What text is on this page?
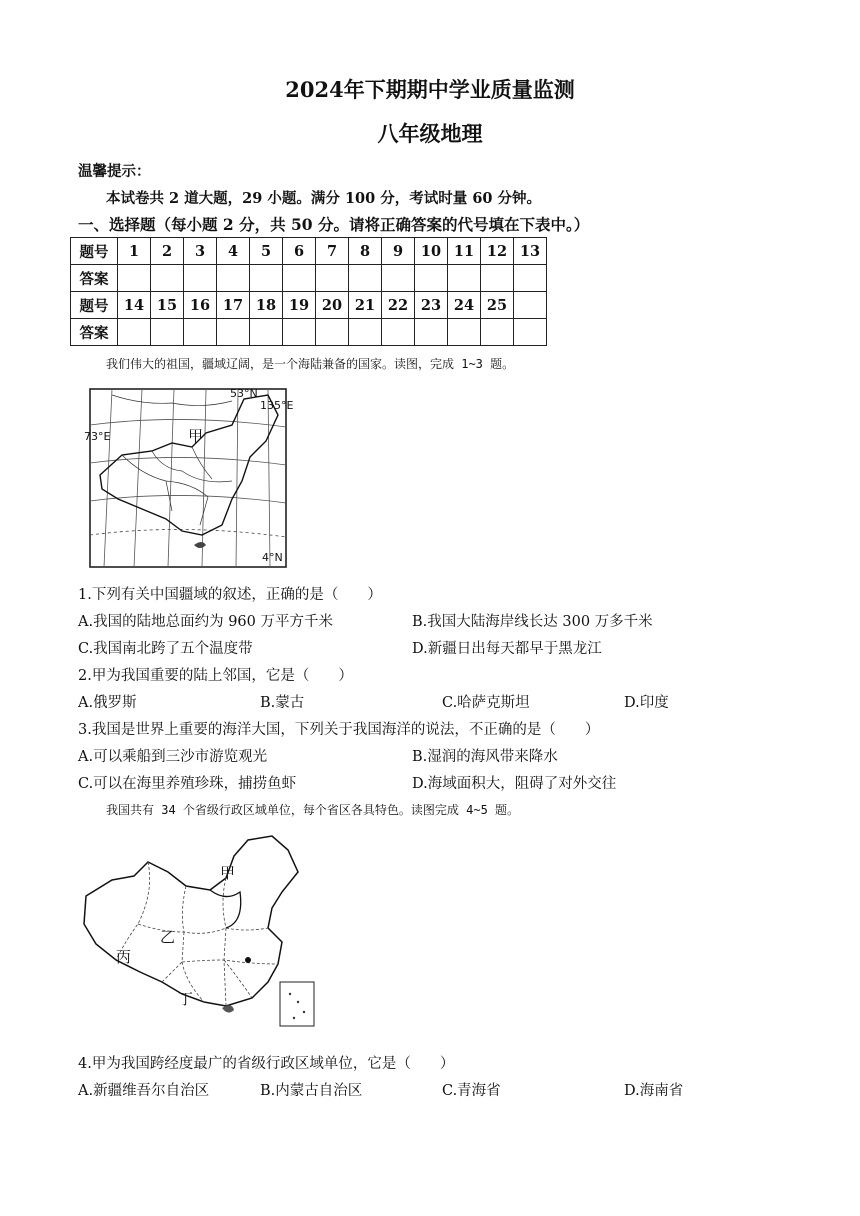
2024年下期期中学业质量监测
八年级地理
温馨提示：
本试卷共 2 道大题，29 小题。满分 100 分，考试时量 60 分钟。
一、选择题（每小题 2 分，共 50 分。请将正确答案的代号填在下表中。）
题号	1	2	3	4	5	6	7	8	9	10	11	12	13
答案													
题号	14	15	16	17	18	19	20	21	22	23	24	25	
答案													
我们伟大的祖国，疆域辽阔，是一个海陆兼备的国家。读图，完成 1~3 题。
73°E
53°N
135°E
甲
4°N
1.下列有关中国疆域的叙述，正确的是（　　）
A.我国的陆地总面约为 960 万平方千米	B.我国大陆海岸线长达 300 万多千米
C.我国南北跨了五个温度带	D.新疆日出每天都早于黑龙江
2.甲为我国重要的陆上邻国，它是（　　）
A.俄罗斯	B.蒙古	C.哈萨克斯坦	D.印度
3.我国是世界上重要的海洋大国，下列关于我国海洋的说法，不正确的是（　　）
A.可以乘船到三沙市游览观光	B.湿润的海风带来降水
C.可以在海里养殖珍珠，捕捞鱼虾	D.海域面积大，阻碍了对外交往
我国共有 34 个省级行政区域单位，每个省区各具特色。读图完成 4~5 题。
甲
乙
丙
丁
4.甲为我国跨经度最广的省级行政区域单位，它是（　　）
A.新疆维吾尔自治区	B.内蒙古自治区	C.青海省	D.海南省
